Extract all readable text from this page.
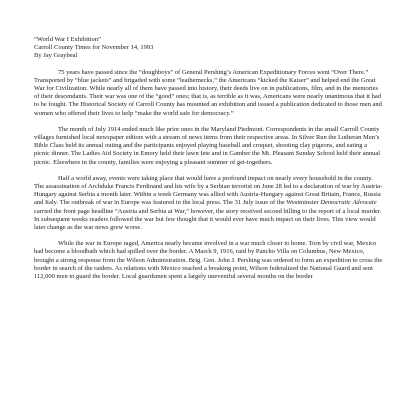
“World War I Exhibition”

Carroll County Times for November 14, 1993

By Jay Graybeal

75 years have passed since the “doughboys” of General Pershing’s American Expeditionary Forces went “Over There.” Transported by “blue jackets” and brigaded with some “leathernecks,” the Americans “kicked the Kaiser” and helped end the Great War for Civilization. While nearly all of them have passed into history, their deeds live on in publications, film, and in the memories of their descendants. Their war was one of the “good” ones; that is, as terrible as it was, Americans were nearly unanimous that it had to be fought. The Historical Society of Carroll County has mounted an exhibition and issued a publication dedicated to those men and women who offered their lives to help “make the world safe for democracy.”

The month of July 1914 ended much like prior ones in the Maryland Piedmont. Correspondents in the small Carroll County villages furnished local newspaper editors with a stream of news items from their respective areas. In Silver Run the Lutheran Men’s Bible Class held its annual outing and the participants enjoyed playing baseball and croquet, shooting clay pigeons, and eating a picnic dinner. The Ladies Aid Society in Emory held their lawn fete and in Gamber the Mt. Pleasant Sunday School held their annual picnic. Elsewhere in the county, families were enjoying a pleasant summer of get-togethers.

Half a world away, events were taking place that would have a profound impact on nearly every household in the county. The assassination of Archduke Francis Ferdinand and his wife by a Serbian terrorist on June 28 led to a declaration of war by Austria-Hungary against Serbia a month later. Within a week Germany was allied with Austria-Hungary against Great Britain, France, Russia and Italy. The outbreak of war in Europe was featured in the local press. The 31 July issue of the Westminster Democratic Advocate carried the front page headline “Austria and Serbia at War,” however, the story received second billing to the report of a local murder. In subsequent weeks readers followed the war but few thought that it would ever have much impact on their lives. This view would later change as the war news grew worse.

While the war in Europe raged, America nearly became involved in a war much closer to home. Torn by civil war, Mexico had become a bloodbath which had spilled over the border. A March 9, 1916, raid by Pancho Villa on Columbus, New Mexico, brought a strong response from the Wilson Administration. Brig. Gen. John J. Pershing was ordered to form an expedition to cross the border in search of the raiders. As relations with Mexico reached a breaking point, Wilson federalized the National Guard and sent 112,000 men to guard the border. Local guardsmen spent a largely uneventful several months on the border
